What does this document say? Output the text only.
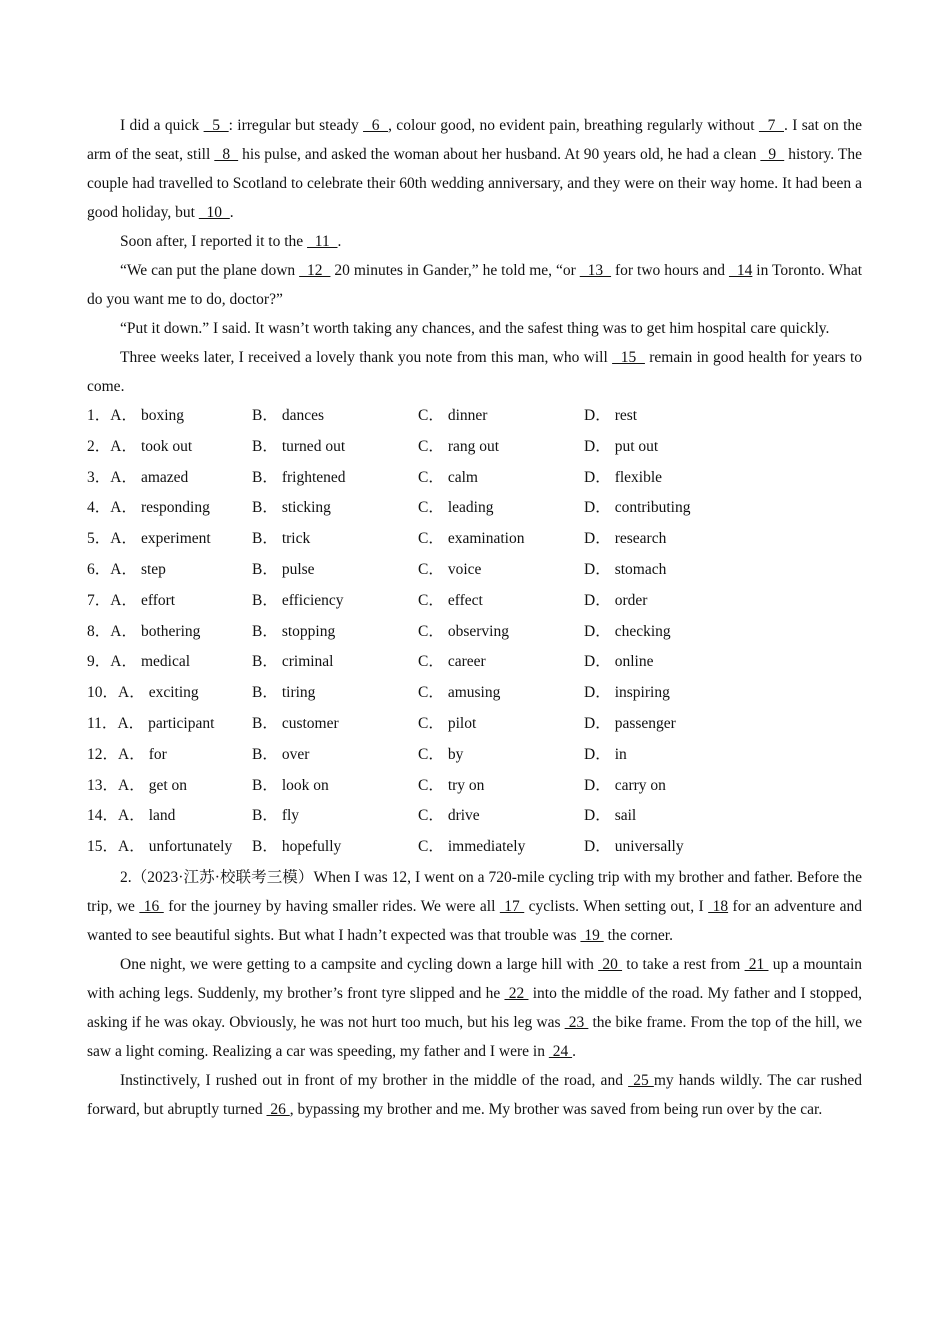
I did a quick   5  : irregular but steady   6  , colour good, no evident pain, breathing regularly without   7  . I sat on the arm of the seat, still   8   his pulse, and asked the woman about her husband. At 90 years old, he had a clean   9   history. The couple had travelled to Scotland to celebrate their 60th wedding anniversary, and they were on their way home. It had been a good holiday, but   10  .

Soon after, I reported it to the   11  .

“We can put the plane down   12   20 minutes in Gander,” he told me, “or   13   for two hours and   14 in Toronto. What do you want me to do, doctor?”

“Put it down.” I said. It wasn’t worth taking any chances, and the safest thing was to get him hospital care quickly.

Three weeks later, I received a lovely thank you note from this man, who will   15   remain in good health for years to come.

1．A． boxing	B． dances	C． dinner	D． rest
2．A． took out	B． turned out	C． rang out	D． put out
3．A． amazed	B． frightened	C． calm	D． flexible
4．A． responding	B． sticking	C． leading	D． contributing
5．A． experiment	B． trick	C． examination	D． research
6．A． step	B． pulse	C． voice	D． stomach
7．A． effort	B． efficiency	C． effect	D． order
8．A． bothering	B． stopping	C． observing	D． checking
9．A． medical	B． criminal	C． career	D． online
10．A． exciting	B． tiring	C． amusing	D． inspiring
11．A． participant B． customer	C． pilot	D． passenger
12．A． for	B． over	C． by	D． in
13．A． get on	B． look on	C． try on	D． carry on
14．A． land	B． fly	C． drive	D． sail
15．A． unfortunately B． hopefully	C． immediately	D． universally

2.（2023·江苏·校联考三模）When I was 12, I went on a 720-mile cycling trip with my brother and father. Before the trip, we  16  for the journey by having smaller rides. We were all  17  cyclists. When setting out, I  18 for an adventure and wanted to see beautiful sights. But what I hadn’t expected was that trouble was  19  the corner.

One night, we were getting to a campsite and cycling down a large hill with  20  to take a rest from  21  up a mountain with aching legs. Suddenly, my brother’s front tyre slipped and he  22  into the middle of the road. My father and I stopped, asking if he was okay. Obviously, he was not hurt too much, but his leg was  23  the bike frame. From the top of the hill, we saw a light coming. Realizing a car was speeding, my father and I were in  24 .

Instinctively, I rushed out in front of my brother in the middle of the road, and  25 my hands wildly. The car rushed forward, but abruptly turned  26 , bypassing my brother and me. My brother was saved from being run over by the car.
